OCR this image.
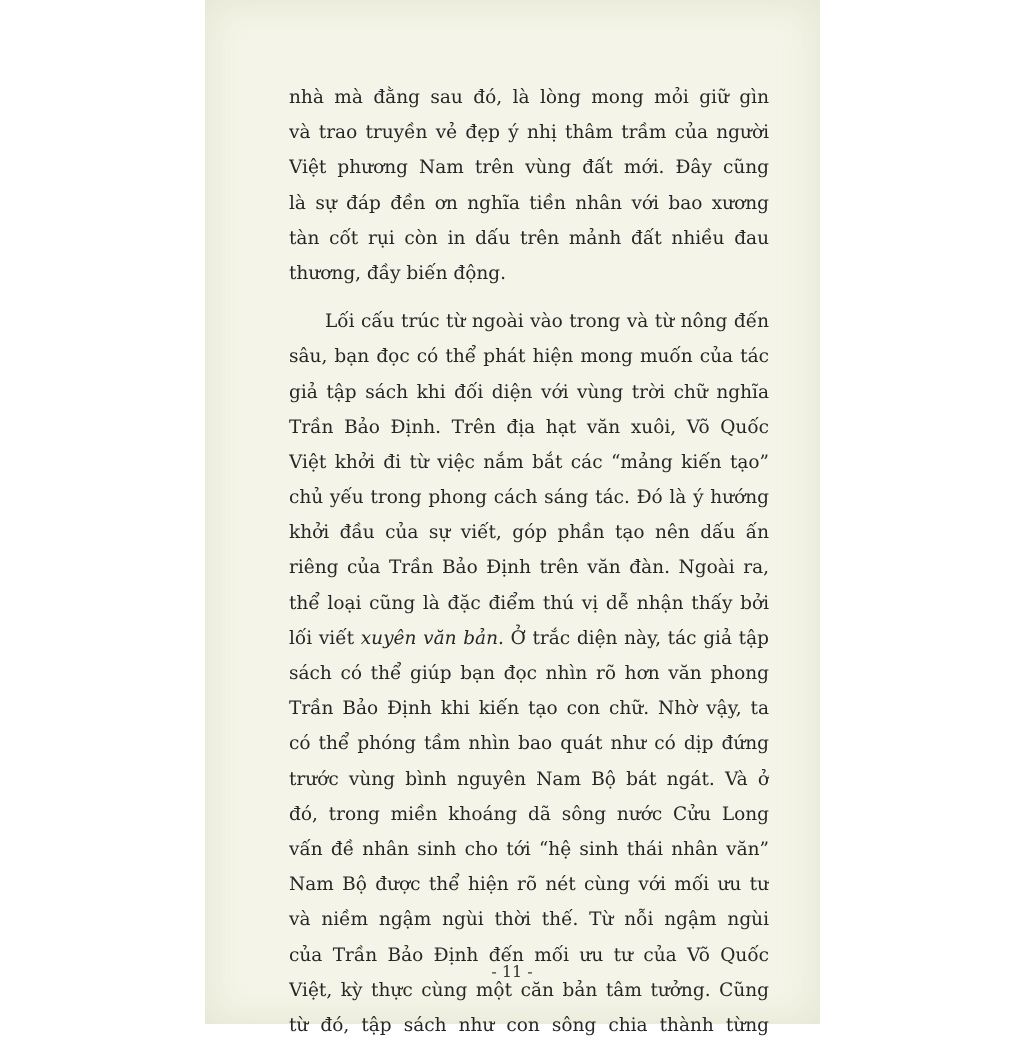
nhà mà đằng sau đó, là lòng mong mỏi giữ gìn
và trao truyền vẻ đẹp ý nhị thâm trầm của người
Việt phương Nam trên vùng đất mới. Đây cũng
là sự đáp đền ơn nghĩa tiền nhân với bao xương
tàn cốt rụi còn in dấu trên mảnh đất nhiều đau
thương, đầy biến động.
Lối cấu trúc từ ngoài vào trong và từ nông đến
sâu, bạn đọc có thể phát hiện mong muốn của tác
giả tập sách khi đối diện với vùng trời chữ nghĩa
Trần Bảo Định. Trên địa hạt văn xuôi, Võ Quốc
Việt khởi đi từ việc nắm bắt các “mảng kiến tạo”
chủ yếu trong phong cách sáng tác. Đó là ý hướng
khởi đầu của sự viết, góp phần tạo nên dấu ấn
riêng của Trần Bảo Định trên văn đàn. Ngoài ra,
thể loại cũng là đặc điểm thú vị dễ nhận thấy bởi
lối viết xuyên văn bản. Ở trắc diện này, tác giả tập
sách có thể giúp bạn đọc nhìn rõ hơn văn phong
Trần Bảo Định khi kiến tạo con chữ. Nhờ vậy, ta
có thể phóng tầm nhìn bao quát như có dịp đứng
trước vùng bình nguyên Nam Bộ bát ngát. Và ở
đó, trong miền khoáng dã sông nước Cửu Long
vấn đề nhân sinh cho tới “hệ sinh thái nhân văn”
Nam Bộ được thể hiện rõ nét cùng với mối ưu tư
và niềm ngậm ngùi thời thế. Từ nỗi ngậm ngùi
của Trần Bảo Định đến mối ưu tư của Võ Quốc
Việt, kỳ thực cùng một căn bản tâm tưởng. Cũng
từ đó, tập sách như con sông chia thành từng
- 11 -
